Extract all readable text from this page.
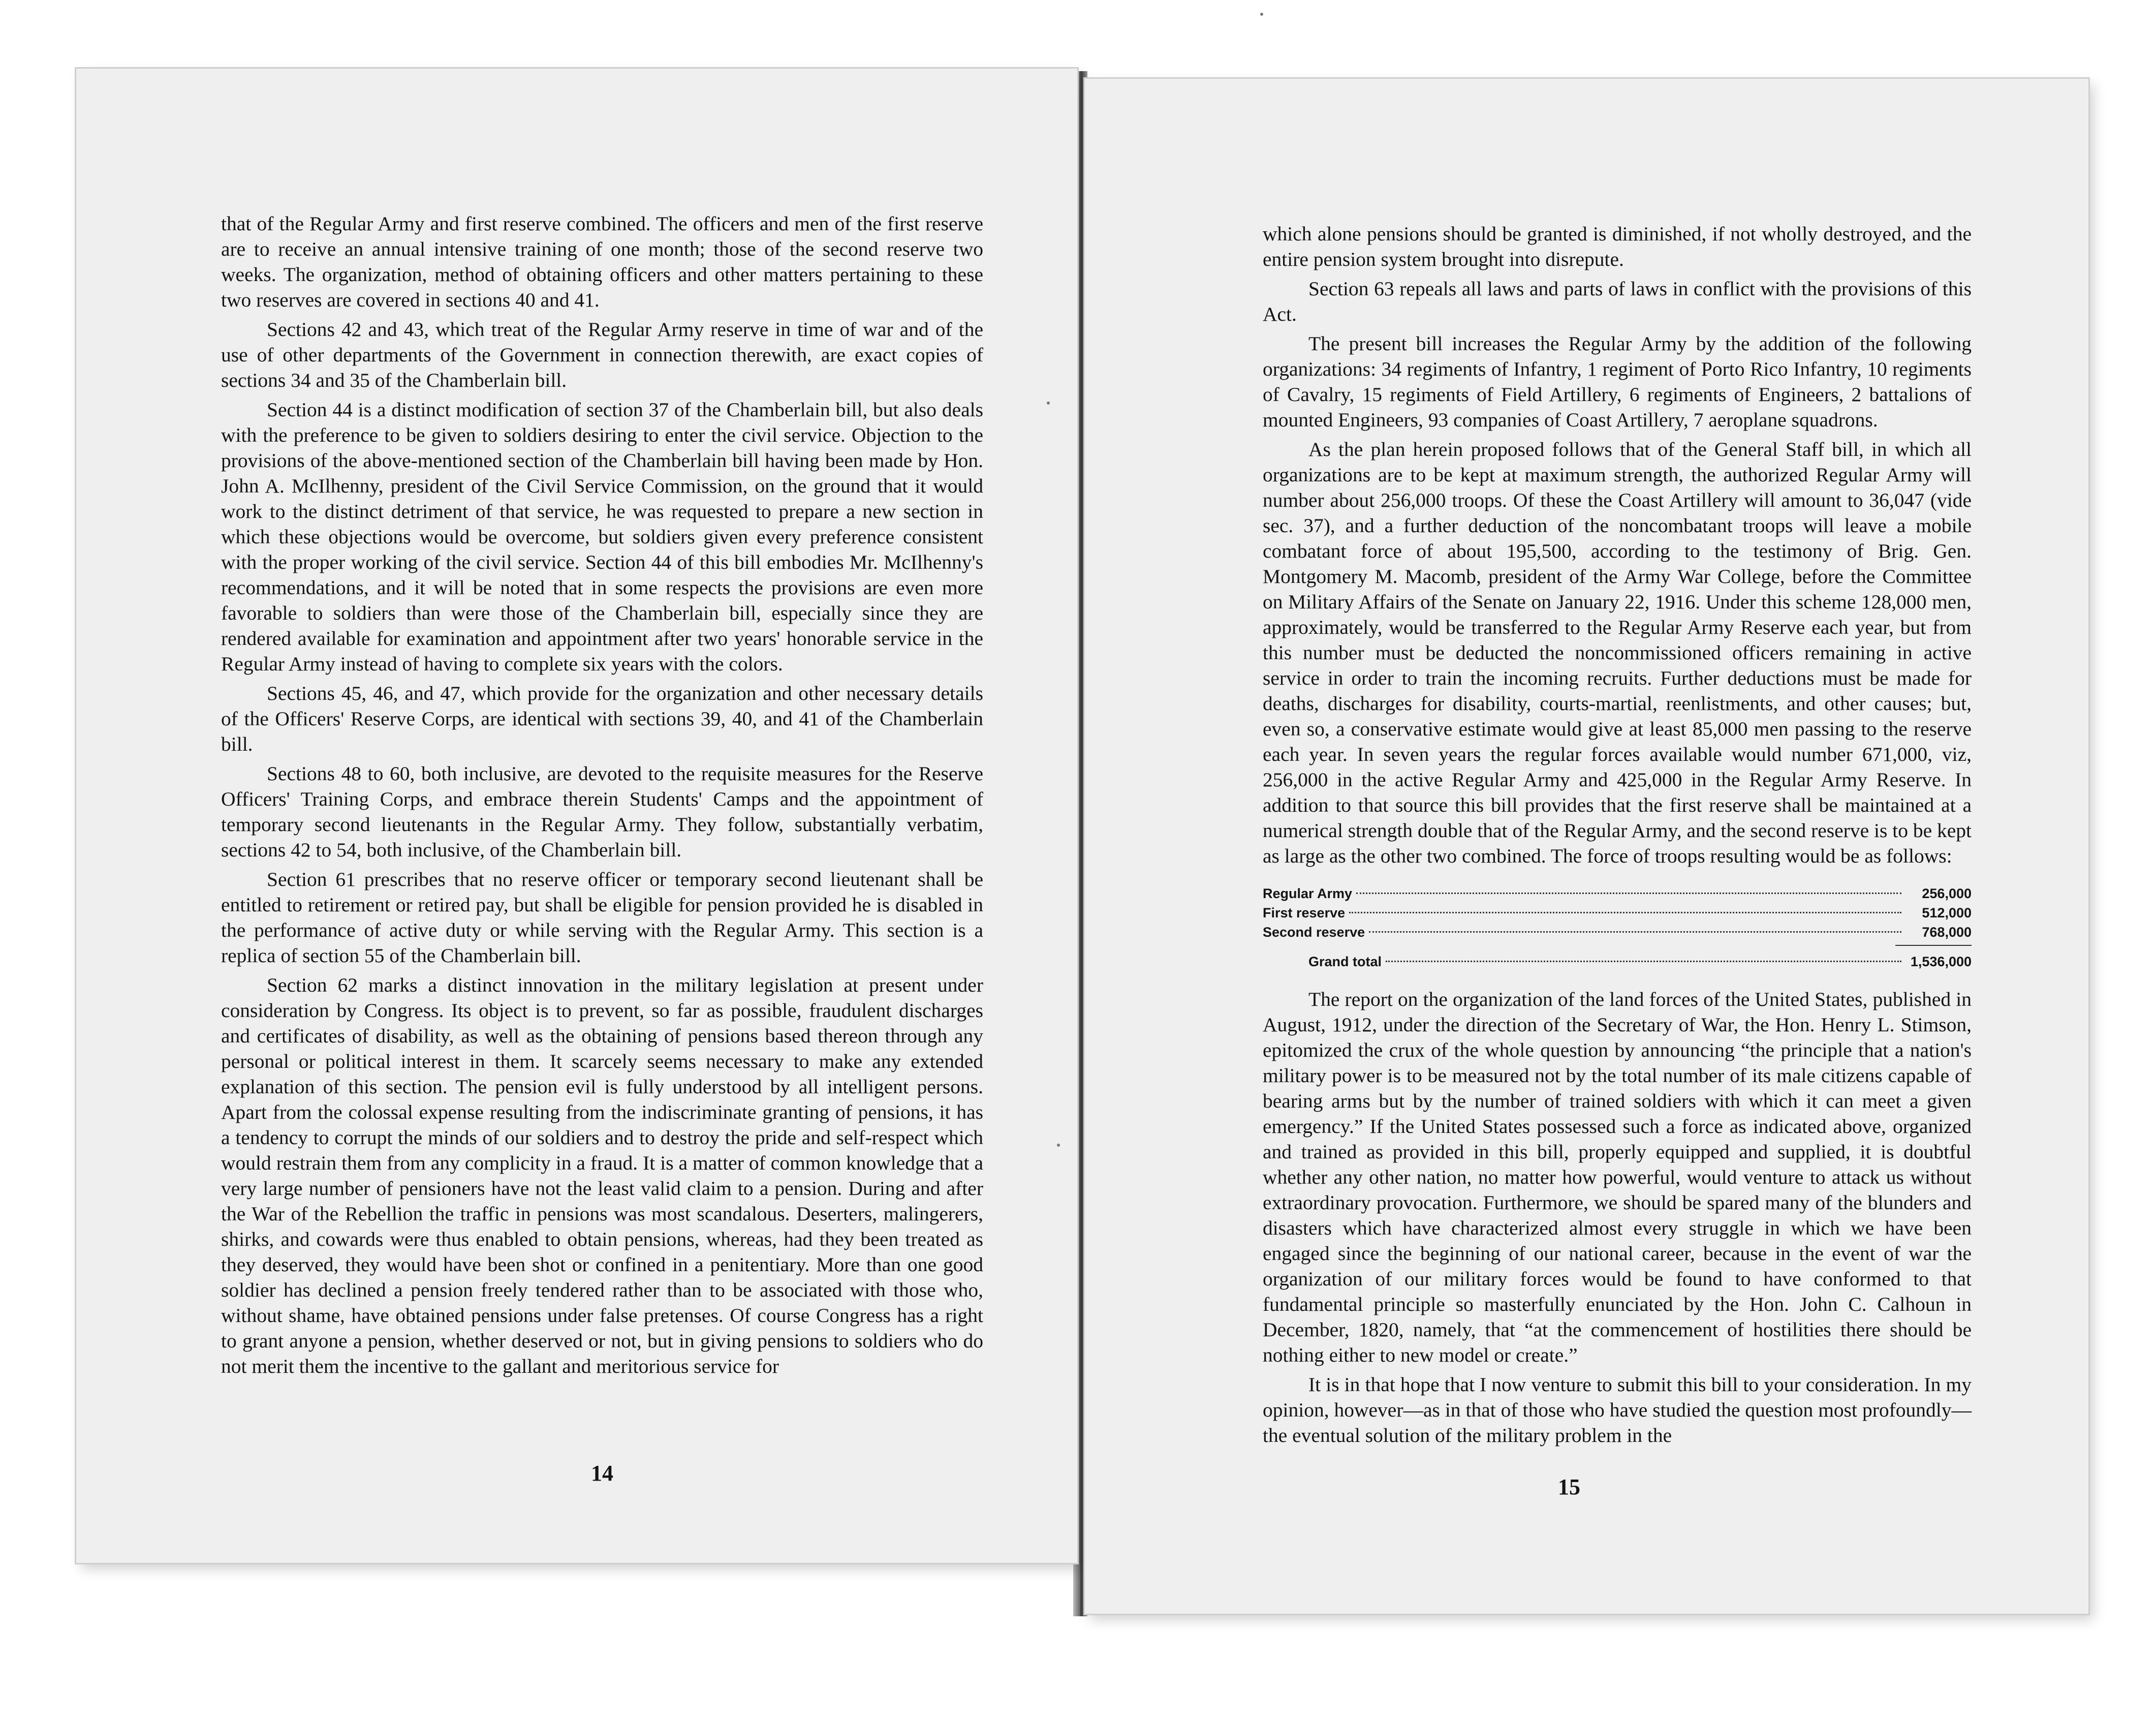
that of the Regular Army and first reserve combined. The officers and men of the first reserve are to receive an annual intensive training of one month; those of the second reserve two weeks. The organization, method of obtaining officers and other matters pertaining to these two reserves are covered in sections 40 and 41.

Sections 42 and 43, which treat of the Regular Army reserve in time of war and of the use of other departments of the Government in connection therewith, are exact copies of sections 34 and 35 of the Chamberlain bill.

Section 44 is a distinct modification of section 37 of the Chamberlain bill, but also deals with the preference to be given to soldiers desiring to enter the civil service. Objection to the provisions of the above-mentioned section of the Chamberlain bill having been made by Hon. John A. McIlhenny, president of the Civil Service Commission, on the ground that it would work to the distinct detriment of that service, he was requested to prepare a new section in which these objections would be overcome, but soldiers given every preference consistent with the proper working of the civil service. Section 44 of this bill embodies Mr. McIlhenny's recommendations, and it will be noted that in some respects the provisions are even more favorable to soldiers than were those of the Chamberlain bill, especially since they are rendered available for examination and appointment after two years' honorable service in the Regular Army instead of having to complete six years with the colors.

Sections 45, 46, and 47, which provide for the organization and other necessary details of the Officers' Reserve Corps, are identical with sections 39, 40, and 41 of the Chamberlain bill.

Sections 48 to 60, both inclusive, are devoted to the requisite measures for the Reserve Officers' Training Corps, and embrace therein Students' Camps and the appointment of temporary second lieutenants in the Regular Army. They follow, substantially verbatim, sections 42 to 54, both inclusive, of the Chamberlain bill.

Section 61 prescribes that no reserve officer or temporary second lieutenant shall be entitled to retirement or retired pay, but shall be eligible for pension provided he is disabled in the performance of active duty or while serving with the Regular Army. This section is a replica of section 55 of the Chamberlain bill.

Section 62 marks a distinct innovation in the military legislation at present under consideration by Congress. Its object is to prevent, so far as possible, fraudulent discharges and certificates of disability, as well as the obtaining of pensions based thereon through any personal or political interest in them. It scarcely seems necessary to make any extended explanation of this section. The pension evil is fully understood by all intelligent persons. Apart from the colossal expense resulting from the indiscriminate granting of pensions, it has a tendency to corrupt the minds of our soldiers and to destroy the pride and self-respect which would restrain them from any complicity in a fraud. It is a matter of common knowledge that a very large number of pensioners have not the least valid claim to a pension. During and after the War of the Rebellion the traffic in pensions was most scandalous. Deserters, malingerers, shirks, and cowards were thus enabled to obtain pensions, whereas, had they been treated as they deserved, they would have been shot or confined in a penitentiary. More than one good soldier has declined a pension freely tendered rather than to be associated with those who, without shame, have obtained pensions under false pretenses. Of course Congress has a right to grant anyone a pension, whether deserved or not, but in giving pensions to soldiers who do not merit them the incentive to the gallant and meritorious service for

14

which alone pensions should be granted is diminished, if not wholly destroyed, and the entire pension system brought into disrepute.

Section 63 repeals all laws and parts of laws in conflict with the provisions of this Act.

The present bill increases the Regular Army by the addition of the following organizations: 34 regiments of Infantry, 1 regiment of Porto Rico Infantry, 10 regiments of Cavalry, 15 regiments of Field Artillery, 6 regiments of Engineers, 2 battalions of mounted Engineers, 93 companies of Coast Artillery, 7 aeroplane squadrons.

As the plan herein proposed follows that of the General Staff bill, in which all organizations are to be kept at maximum strength, the authorized Regular Army will number about 256,000 troops. Of these the Coast Artillery will amount to 36,047 (vide sec. 37), and a further deduction of the noncombatant troops will leave a mobile combatant force of about 195,500, according to the testimony of Brig. Gen. Montgomery M. Macomb, president of the Army War College, before the Committee on Military Affairs of the Senate on January 22, 1916. Under this scheme 128,000 men, approximately, would be transferred to the Regular Army Reserve each year, but from this number must be deducted the noncommissioned officers remaining in active service in order to train the incoming recruits. Further deductions must be made for deaths, discharges for disability, courts-martial, reenlistments, and other causes; but, even so, a conservative estimate would give at least 85,000 men passing to the reserve each year. In seven years the regular forces available would number 671,000, viz, 256,000 in the active Regular Army and 425,000 in the Regular Army Reserve. In addition to that source this bill provides that the first reserve shall be maintained at a numerical strength double that of the Regular Army, and the second reserve is to be kept as large as the other two combined. The force of troops resulting would be as follows:

Regular Army	256,000
First reserve	512,000
Second reserve	768,000
Grand total	1,536,000

The report on the organization of the land forces of the United States, published in August, 1912, under the direction of the Secretary of War, the Hon. Henry L. Stimson, epitomized the crux of the whole question by announcing “the principle that a nation's military power is to be measured not by the total number of its male citizens capable of bearing arms but by the number of trained soldiers with which it can meet a given emergency.” If the United States possessed such a force as indicated above, organized and trained as provided in this bill, properly equipped and supplied, it is doubtful whether any other nation, no matter how powerful, would venture to attack us without extraordinary provocation. Furthermore, we should be spared many of the blunders and disasters which have characterized almost every struggle in which we have been engaged since the beginning of our national career, because in the event of war the organization of our military forces would be found to have conformed to that fundamental principle so masterfully enunciated by the Hon. John C. Calhoun in December, 1820, namely, that “at the commencement of hostilities there should be nothing either to new model or create.”

It is in that hope that I now venture to submit this bill to your consideration. In my opinion, however—as in that of those who have studied the question most profoundly—the eventual solution of the military problem in the

15
